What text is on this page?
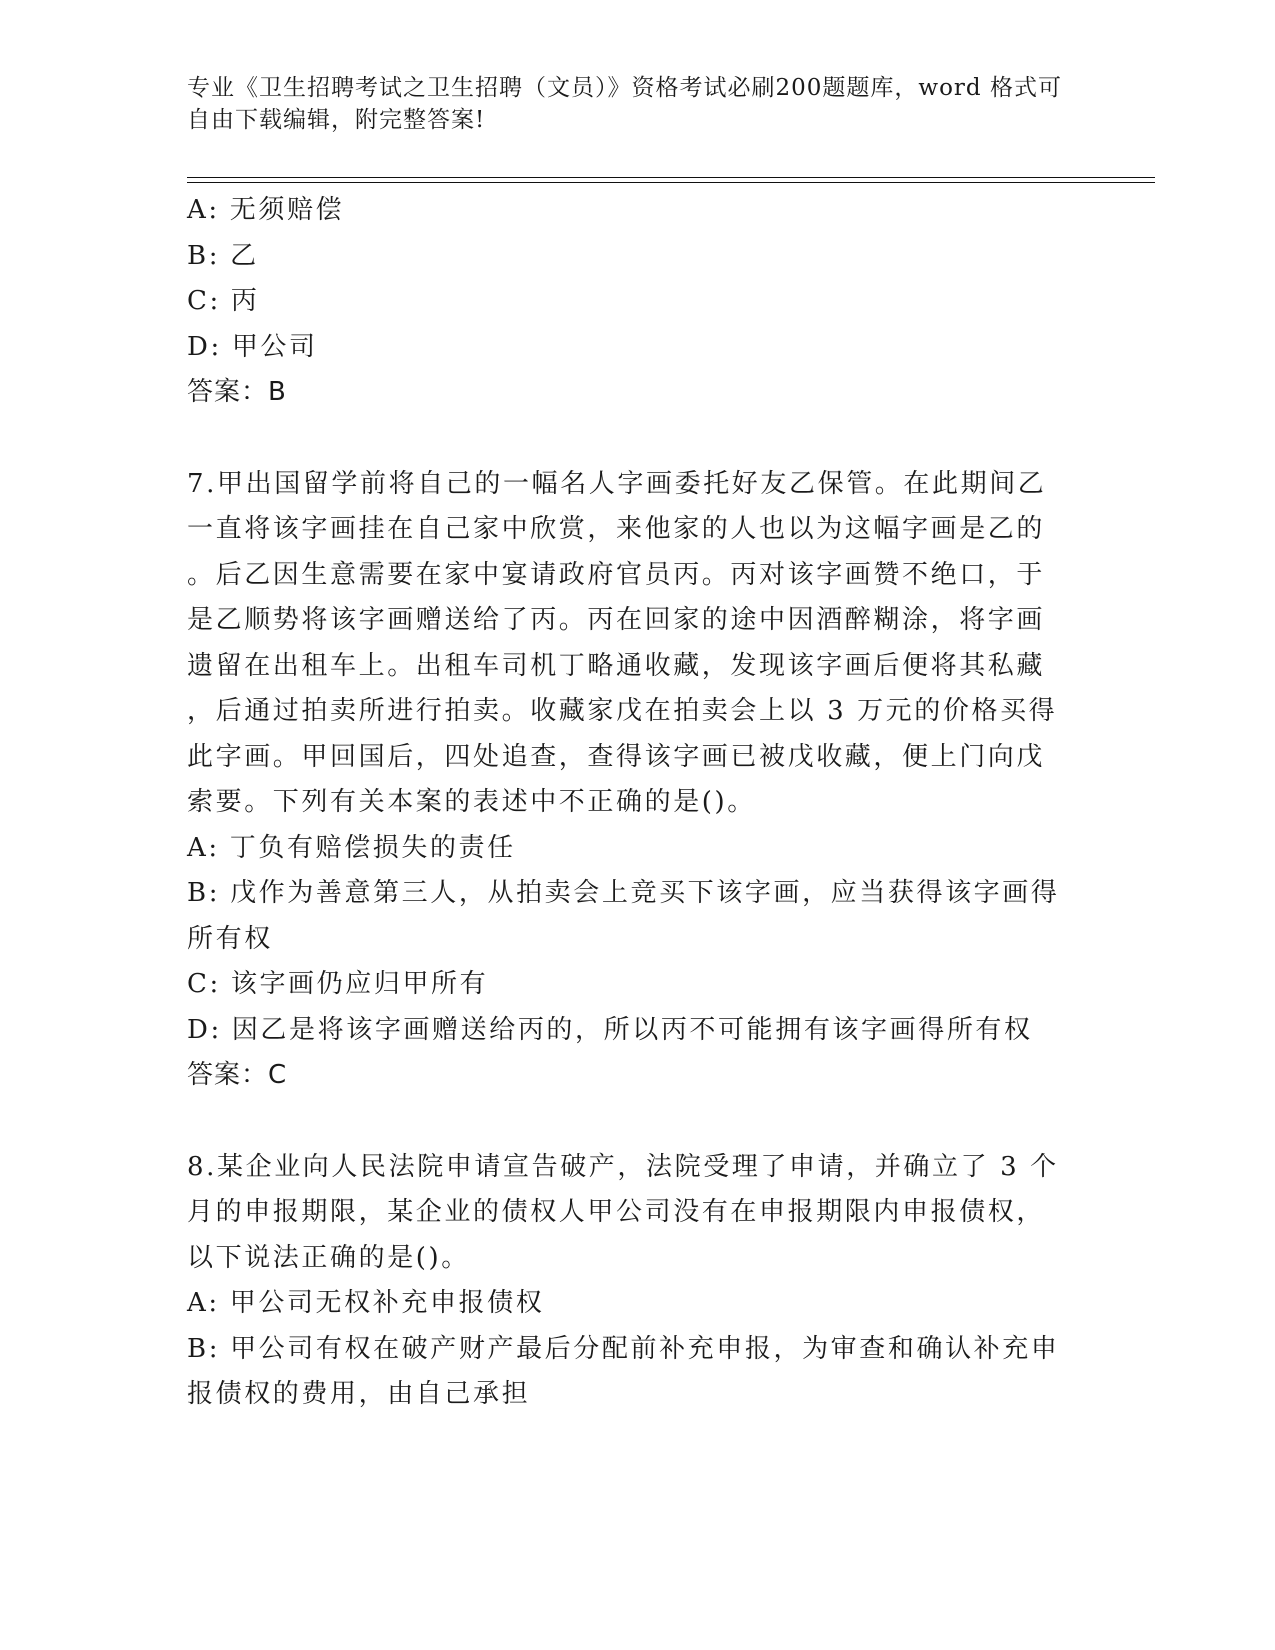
专业《卫生招聘考试之卫生招聘（文员）》资格考试必刷200题题库，word 格式可自由下载编辑，附完整答案!
A: 无须赔偿
B: 乙
C: 丙
D: 甲公司
答案：B
7.甲出国留学前将自己的一幅名人字画委托好友乙保管。在此期间乙
一直将该字画挂在自己家中欣赏，来他家的人也以为这幅字画是乙的
。后乙因生意需要在家中宴请政府官员丙。丙对该字画赞不绝口，于
是乙顺势将该字画赠送给了丙。丙在回家的途中因酒醉糊涂，将字画
遗留在出租车上。出租车司机丁略通收藏，发现该字画后便将其私藏
，后通过拍卖所进行拍卖。收藏家戊在拍卖会上以 3 万元的价格买得
此字画。甲回国后，四处追查，查得该字画已被戊收藏，便上门向戊
索要。下列有关本案的表述中不正确的是()。
A: 丁负有赔偿损失的责任
B: 戊作为善意第三人，从拍卖会上竞买下该字画，应当获得该字画得所有权
C: 该字画仍应归甲所有
D: 因乙是将该字画赠送给丙的，所以丙不可能拥有该字画得所有权
答案：C
8.某企业向人民法院申请宣告破产，法院受理了申请，并确立了 3 个
月的申报期限，某企业的债权人甲公司没有在申报期限内申报债权，
以下说法正确的是()。
A: 甲公司无权补充申报债权
B: 甲公司有权在破产财产最后分配前补充申报，为审查和确认补充申报债权的费用，由自己承担
